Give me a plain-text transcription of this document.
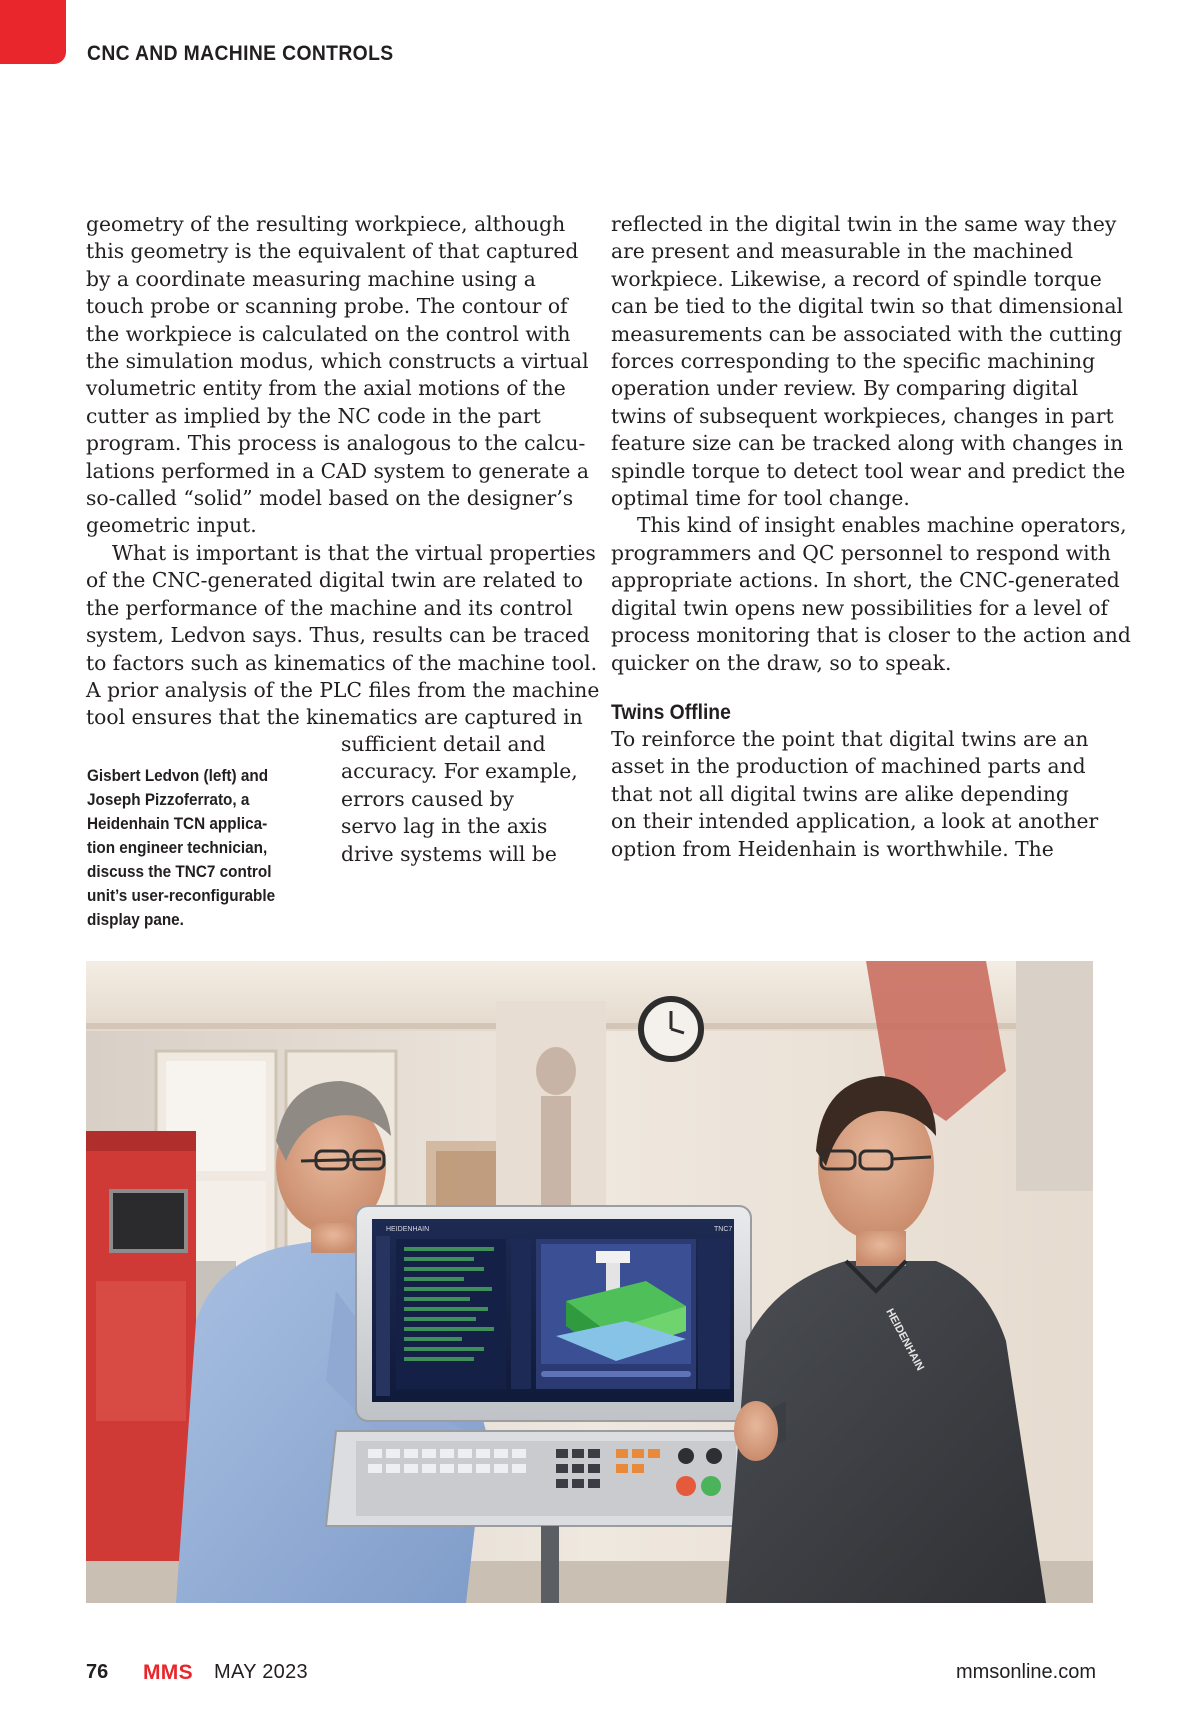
CNC AND MACHINE CONTROLS

geometry of the resulting workpiece, although
this geometry is the equivalent of that captured
by a coordinate measuring machine using a
touch probe or scanning probe. The contour of
the workpiece is calculated on the control with
the simulation modus, which constructs a virtual
volumetric entity from the axial motions of the
cutter as implied by the NC code in the part
program. This process is analogous to the calcu-
lations performed in a CAD system to generate a
so-called “solid” model based on the designer’s
geometric input.

What is important is that the virtual properties
of the CNC-generated digital twin are related to
the performance of the machine and its control
system, Ledvon says. Thus, results can be traced
to factors such as kinematics of the machine tool.
A prior analysis of the PLC files from the machine
tool ensures that the kinematics are captured in

sufficient detail and
accuracy. For example,
errors caused by
servo lag in the axis
drive systems will be
Gisbert Ledvon (left) and
Joseph Pizzoferrato, a
Heidenhain TCN applica-
tion engineer technician,
discuss the TNC7 control
unit’s user-reconfigurable
display pane.

reflected in the digital twin in the same way they
are present and measurable in the machined
workpiece. Likewise, a record of spindle torque
can be tied to the digital twin so that dimensional
measurements can be associated with the cutting
forces corresponding to the specific machining
operation under review. By comparing digital
twins of subsequent workpieces, changes in part
feature size can be tracked along with changes in
spindle torque to detect tool wear and predict the
optimal time for tool change.

This kind of insight enables machine operators,
programmers and QC personnel to respond with
appropriate actions. In short, the CNC-generated
digital twin opens new possibilities for a level of
process monitoring that is closer to the action and
quicker on the draw, so to speak.

Twins Offline

To reinforce the point that digital twins are an
asset in the production of machined parts and
that not all digital twins are alike depending
on their intended application, a look at another
option from Heidenhain is worthwhile. The

HEIDENHAIN	TNC7
HEIDENHAIN
76 MMS MAY 2023	mmsonline.com
